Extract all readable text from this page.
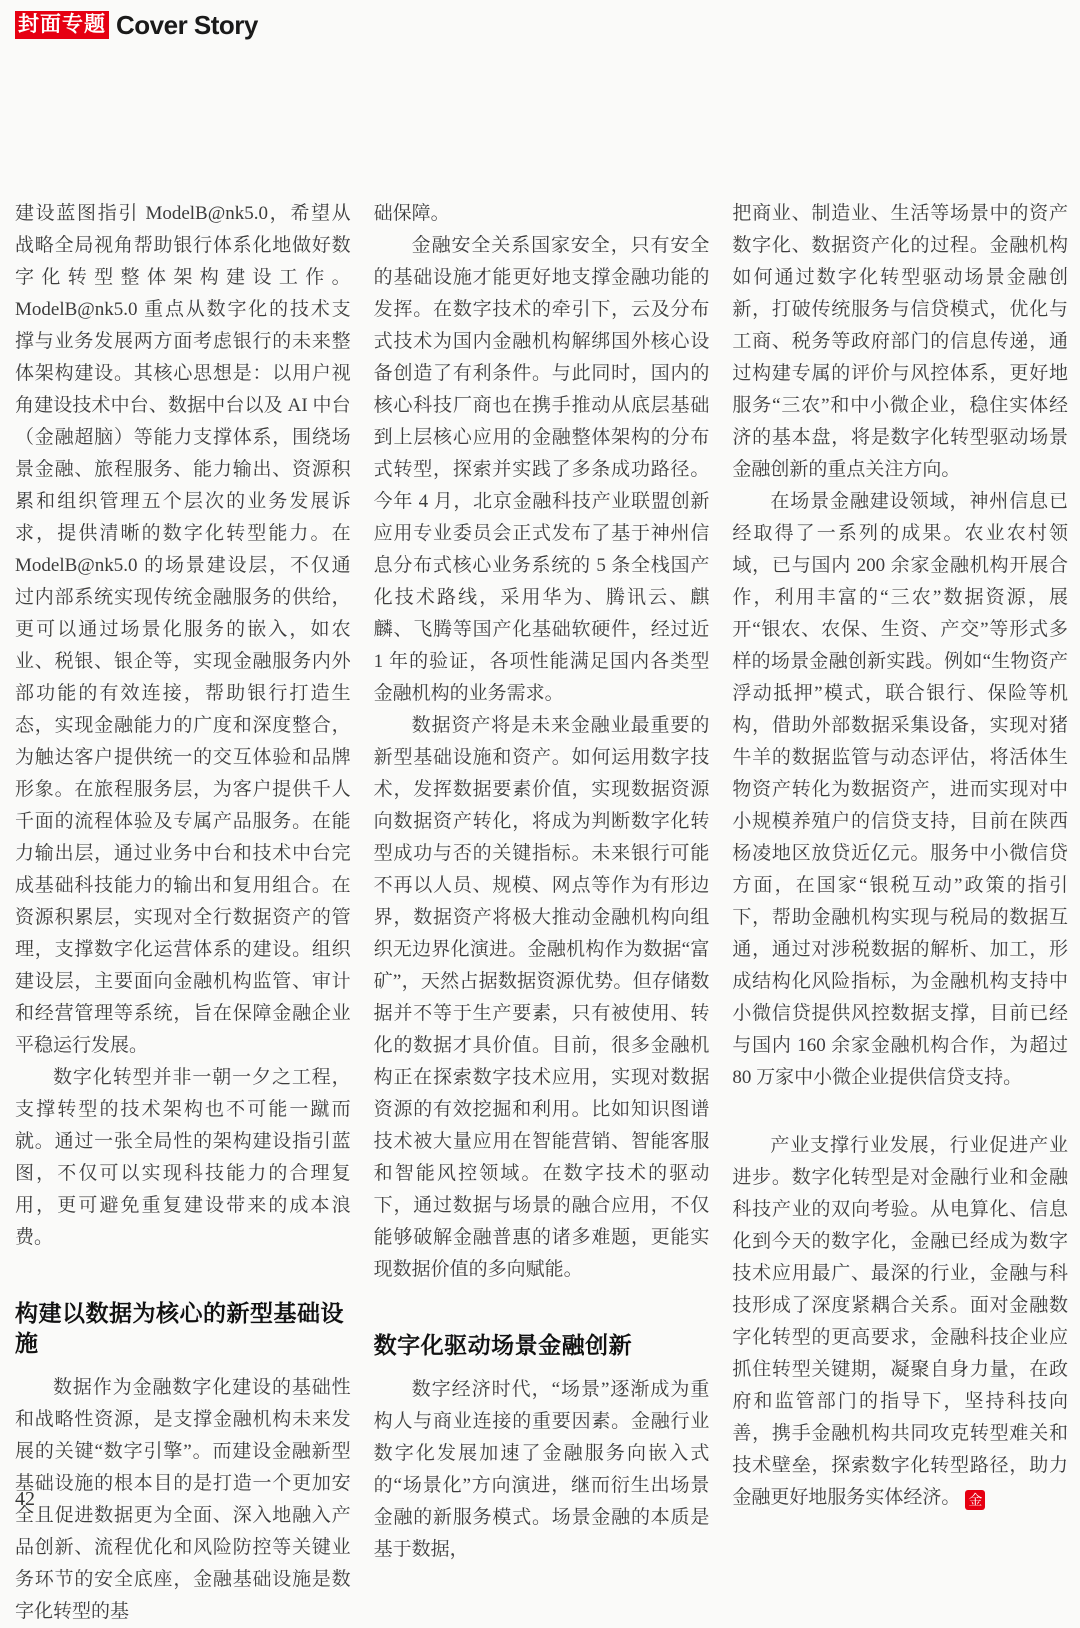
封面专题 Cover Story

建设蓝图指引 ModelB@nk5.0，希望从战略全局视角帮助银行体系化地做好数字化转型整体架构建设工作。ModelB@nk5.0 重点从数字化的技术支撑与业务发展两方面考虑银行的未来整体架构建设。其核心思想是：以用户视角建设技术中台、数据中台以及 AI 中台（金融超脑）等能力支撑体系，围绕场景金融、旅程服务、能力输出、资源积累和组织管理五个层次的业务发展诉求，提供清晰的数字化转型能力。在 ModelB@nk5.0 的场景建设层，不仅通过内部系统实现传统金融服务的供给，更可以通过场景化服务的嵌入，如农业、税银、银企等，实现金融服务内外部功能的有效连接，帮助银行打造生态，实现金融能力的广度和深度整合，为触达客户提供统一的交互体验和品牌形象。在旅程服务层，为客户提供千人千面的流程体验及专属产品服务。在能力输出层，通过业务中台和技术中台完成基础科技能力的输出和复用组合。在资源积累层，实现对全行数据资产的管理，支撑数字化运营体系的建设。组织建设层，主要面向金融机构监管、审计和经营管理等系统，旨在保障金融企业平稳运行发展。

数字化转型并非一朝一夕之工程，支撑转型的技术架构也不可能一蹴而就。通过一张全局性的架构建设指引蓝图，不仅可以实现科技能力的合理复用，更可避免重复建设带来的成本浪费。

构建以数据为核心的新型基础设施

数据作为金融数字化建设的基础性和战略性资源，是支撑金融机构未来发展的关键“数字引擎”。而建设金融新型基础设施的根本目的是打造一个更加安全且促进数据更为全面、深入地融入产品创新、流程优化和风险防控等关键业务环节的安全底座，金融基础设施是数字化转型的基

础保障。

金融安全关系国家安全，只有安全的基础设施才能更好地支撑金融功能的发挥。在数字技术的牵引下，云及分布式技术为国内金融机构解绑国外核心设备创造了有利条件。与此同时，国内的核心科技厂商也在携手推动从底层基础到上层核心应用的金融整体架构的分布式转型，探索并实践了多条成功路径。今年 4 月，北京金融科技产业联盟创新应用专业委员会正式发布了基于神州信息分布式核心业务系统的 5 条全栈国产化技术路线，采用华为、腾讯云、麒麟、飞腾等国产化基础软硬件，经过近 1 年的验证，各项性能满足国内各类型金融机构的业务需求。

数据资产将是未来金融业最重要的新型基础设施和资产。如何运用数字技术，发挥数据要素价值，实现数据资源向数据资产转化，将成为判断数字化转型成功与否的关键指标。未来银行可能不再以人员、规模、网点等作为有形边界，数据资产将极大推动金融机构向组织无边界化演进。金融机构作为数据“富矿”，天然占据数据资源优势。但存储数据并不等于生产要素，只有被使用、转化的数据才具价值。目前，很多金融机构正在探索数字技术应用，实现对数据资源的有效挖掘和利用。比如知识图谱技术被大量应用在智能营销、智能客服和智能风控领域。在数字技术的驱动下，通过数据与场景的融合应用，不仅能够破解金融普惠的诸多难题，更能实现数据价值的多向赋能。

数字化驱动场景金融创新

数字经济时代，“场景”逐渐成为重构人与商业连接的重要因素。金融行业数字化发展加速了金融服务向嵌入式的“场景化”方向演进，继而衍生出场景金融的新服务模式。场景金融的本质是基于数据，

把商业、制造业、生活等场景中的资产数字化、数据资产化的过程。金融机构如何通过数字化转型驱动场景金融创新，打破传统服务与信贷模式，优化与工商、税务等政府部门的信息传递，通过构建专属的评价与风控体系，更好地服务“三农”和中小微企业，稳住实体经济的基本盘，将是数字化转型驱动场景金融创新的重点关注方向。

在场景金融建设领域，神州信息已经取得了一系列的成果。农业农村领域，已与国内 200 余家金融机构开展合作，利用丰富的“三农”数据资源，展开“银农、农保、生资、产交”等形式多样的场景金融创新实践。例如“生物资产浮动抵押”模式，联合银行、保险等机构，借助外部数据采集设备，实现对猪牛羊的数据监管与动态评估，将活体生物资产转化为数据资产，进而实现对中小规模养殖户的信贷支持，目前在陕西杨凌地区放贷近亿元。服务中小微信贷方面，在国家“银税互动”政策的指引下，帮助金融机构实现与税局的数据互通，通过对涉税数据的解析、加工，形成结构化风险指标，为金融机构支持中小微信贷提供风控数据支撑，目前已经与国内 160 余家金融机构合作，为超过 80 万家中小微企业提供信贷支持。

产业支撑行业发展，行业促进产业进步。数字化转型是对金融行业和金融科技产业的双向考验。从电算化、信息化到今天的数字化，金融已经成为数字技术应用最广、最深的行业，金融与科技形成了深度紧耦合关系。面对金融数字化转型的更高要求，金融科技企业应抓住转型关键期，凝聚自身力量，在政府和监管部门的指导下，坚持科技向善，携手金融机构共同攻克转型难关和技术壁垒，探索数字化转型路径，助力金融更好地服务实体经济。 金

42
